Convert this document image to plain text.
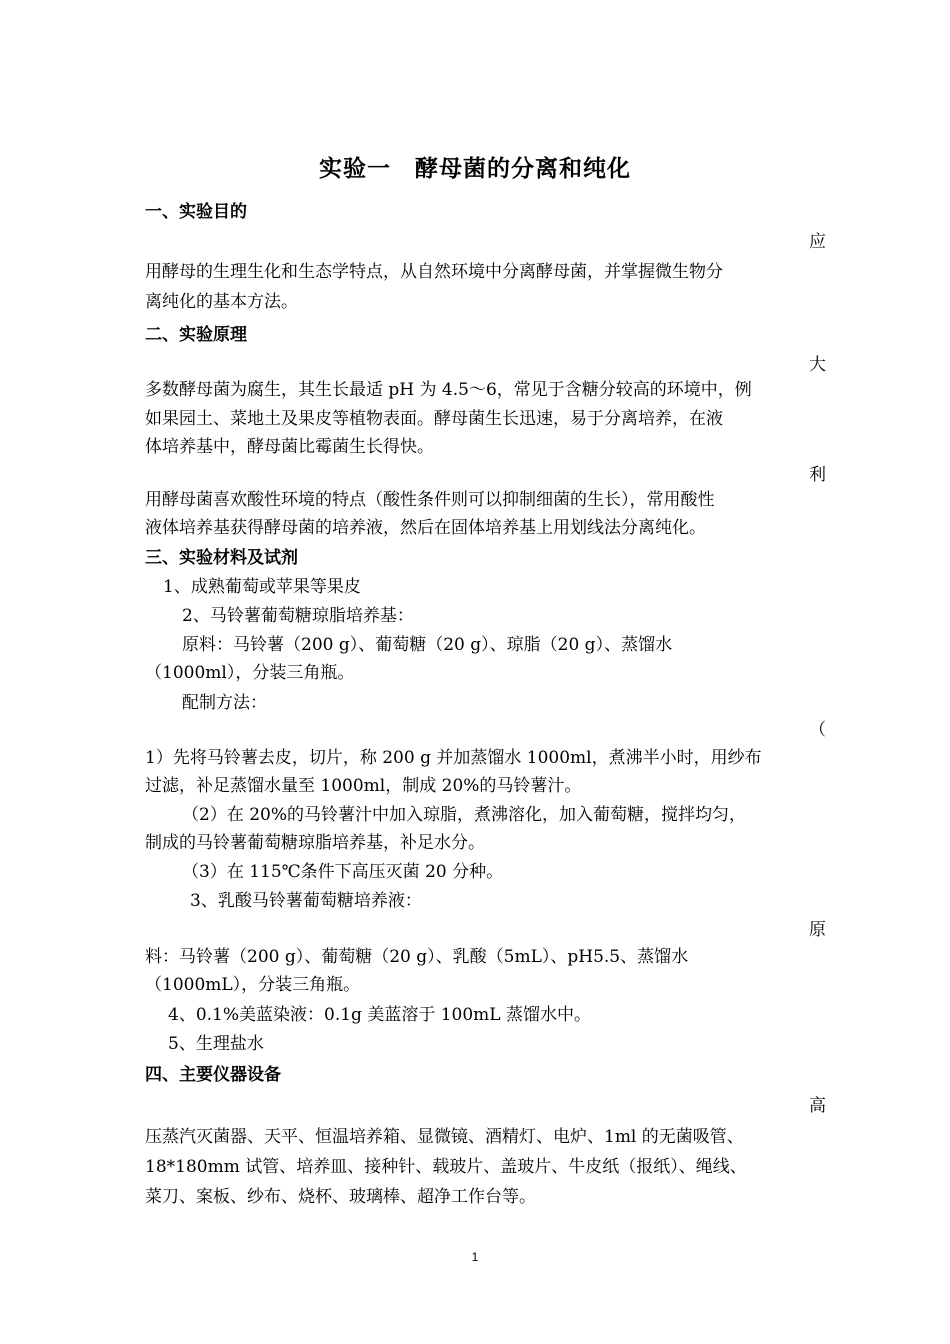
实验一　酵母菌的分离和纯化
一、实验目的
应
用酵母的生理生化和生态学特点，从自然环境中分离酵母菌，并掌握微生物分
离纯化的基本方法。
二、实验原理
大
多数酵母菌为腐生，其生长最适 pH 为 4.5～6，常见于含糖分较高的环境中，例
如果园土、菜地土及果皮等植物表面。酵母菌生长迅速，易于分离培养，在液
体培养基中，酵母菌比霉菌生长得快。
利
用酵母菌喜欢酸性环境的特点（酸性条件则可以抑制细菌的生长），常用酸性
液体培养基获得酵母菌的培养液，然后在固体培养基上用划线法分离纯化。
三、实验材料及试剂
1、成熟葡萄或苹果等果皮
2、马铃薯葡萄糖琼脂培养基：
原料：马铃薯（200 g）、葡萄糖（20 g）、琼脂（20 g）、蒸馏水
（1000ml），分装三角瓶。
配制方法：
（
1）先将马铃薯去皮，切片，称 200 g 并加蒸馏水 1000ml，煮沸半小时，用纱布
过滤，补足蒸馏水量至 1000ml，制成 20%的马铃薯汁。
（2）在 20%的马铃薯汁中加入琼脂，煮沸溶化，加入葡萄糖，搅拌均匀，
制成的马铃薯葡萄糖琼脂培养基，补足水分。
（3）在 115℃条件下高压灭菌 20 分种。
3、乳酸马铃薯葡萄糖培养液：
原
料：马铃薯（200 g）、葡萄糖（20 g）、乳酸（5mL）、pH5.5、蒸馏水
（1000mL），分装三角瓶。
4、0.1%美蓝染液：0.1g 美蓝溶于 100mL 蒸馏水中。
5、生理盐水
四、主要仪器设备
高
压蒸汽灭菌器、天平、恒温培养箱、显微镜、酒精灯、电炉、1ml 的无菌吸管、
18*180mm 试管、培养皿、接种针、载玻片、盖玻片、牛皮纸（报纸）、绳线、
菜刀、案板、纱布、烧杯、玻璃棒、超净工作台等。
1
